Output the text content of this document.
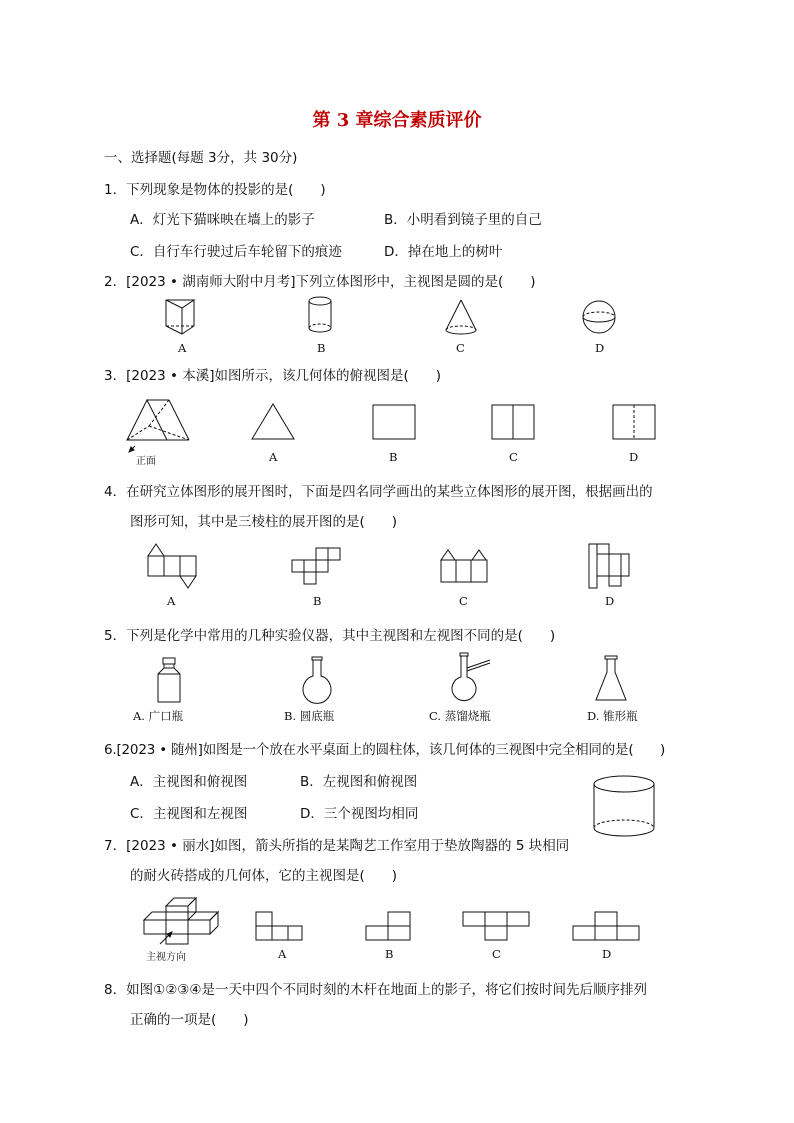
第 3 章综合素质评价
一、选择题(每题 3分，共 30分)
1．下列现象是物体的投影的是(　　)
A．灯光下猫咪映在墙上的影子	B．小明看到镜子里的自己
C．自行车行驶过后车轮留下的痕迹	D．掉在地上的树叶
2．[2023 • 湖南师大附中月考]下列立体图形中，主视图是圆的是(　　)
A	B	C	D
3．[2023 • 本溪]如图所示，该几何体的俯视图是(　　)
正面	A	B	C	D
4．在研究立体图形的展开图时，下面是四名同学画出的某些立体图形的展开图，根据画出的
图形可知，其中是三棱柱的展开图的是(　　)
A	B	C	D
5．下列是化学中常用的几种实验仪器，其中主视图和左视图不同的是(　　)
A. 广口瓶	B. 圆底瓶	C. 蒸馏烧瓶	D. 锥形瓶
6.[2023 • 随州]如图是一个放在水平桌面上的圆柱体，该几何体的三视图中完全相同的是(　　)
A．主视图和俯视图	B．左视图和俯视图
C．主视图和左视图	D．三个视图均相同
7．[2023 • 丽水]如图，箭头所指的是某陶艺工作室用于垫放陶器的 5 块相同
的耐火砖搭成的几何体，它的主视图是(　　)
主视方向	A	B	C	D
8．如图①②③④是一天中四个不同时刻的木杆在地面上的影子，将它们按时间先后顺序排列
正确的一项是(　　)
